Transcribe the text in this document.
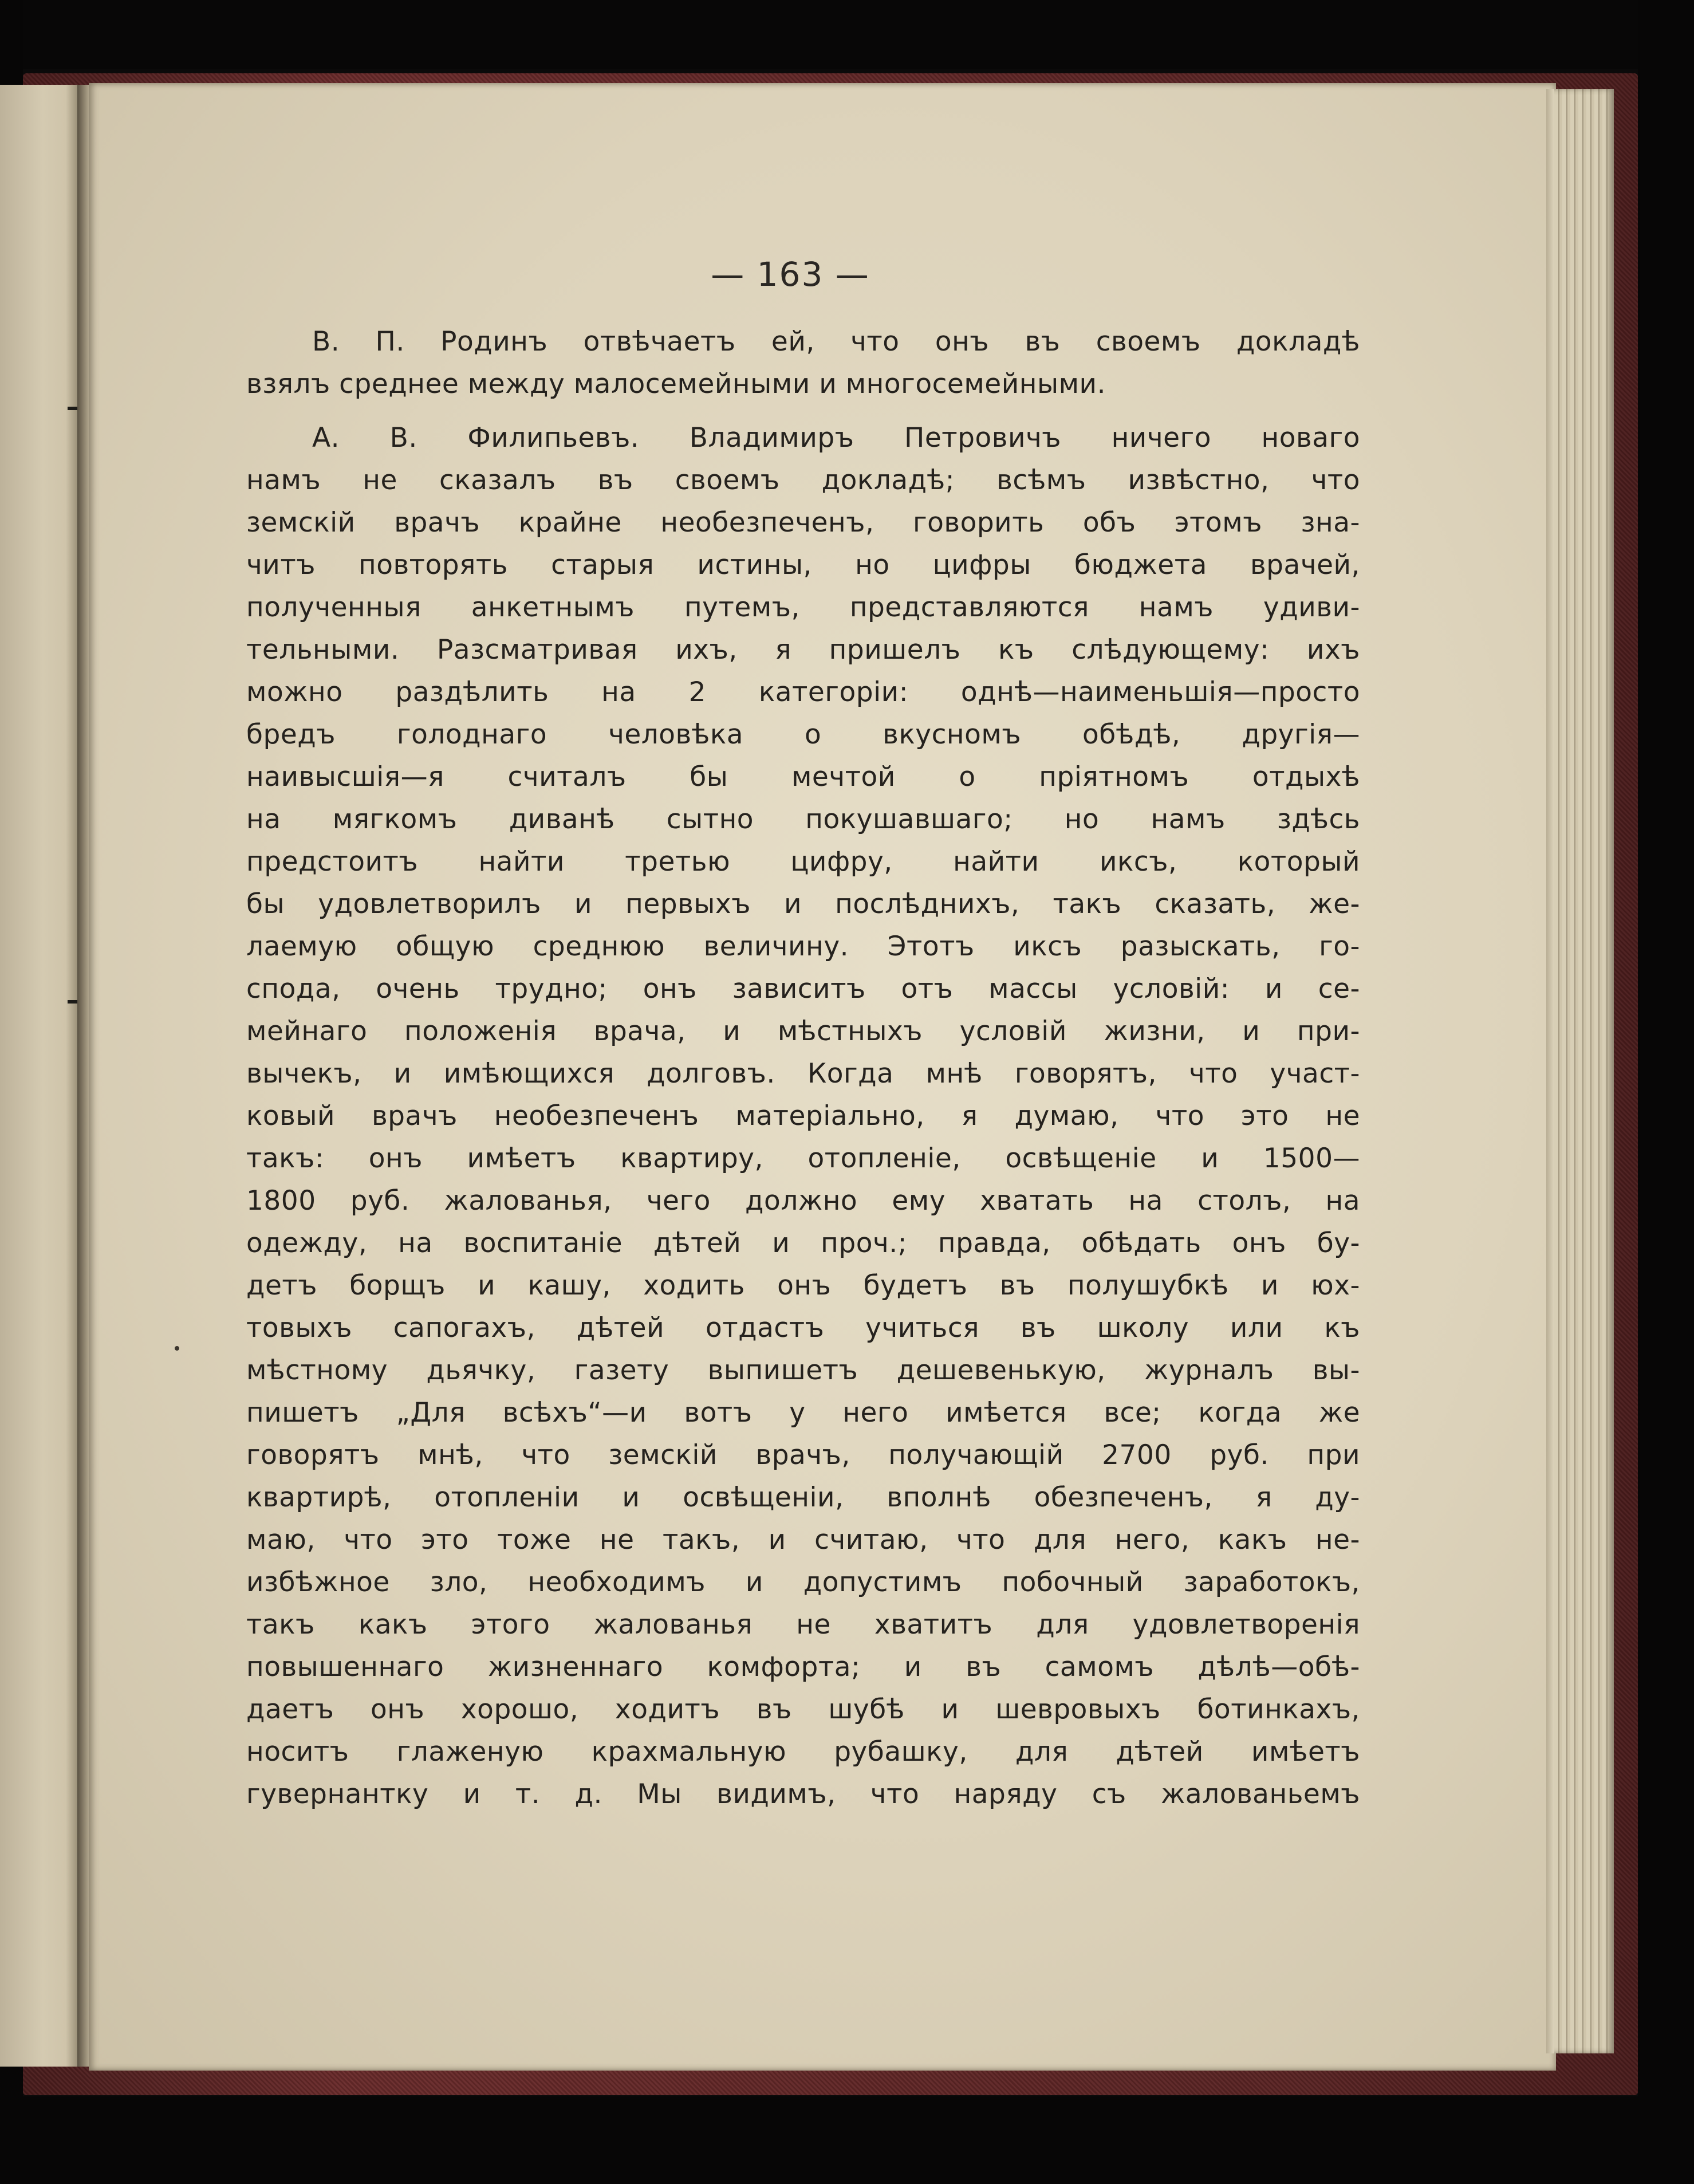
— 163 —
В. П. Родинъ отвѣчаетъ ей, что онъ въ своемъ докладѣ
взялъ среднее между малосемейными и многосемейными.
А. В. Филипьевъ. Владимиръ Петровичъ ничего новаго
намъ не сказалъ въ своемъ докладѣ; всѣмъ извѣстно, что
земскій врачъ крайне необезпеченъ, говорить объ этомъ зна-
читъ повторять старыя истины, но цифры бюджета врачей,
полученныя анкетнымъ путемъ, представляются намъ удиви-
тельными. Разсматривая ихъ, я пришелъ къ слѣдующему: ихъ
можно раздѣлить на 2 категоріи: однѣ—наименьшія—просто
бредъ голоднаго человѣка о вкусномъ обѣдѣ, другія—
наивысшія—я считалъ бы мечтой о пріятномъ отдыхѣ
на мягкомъ диванѣ сытно покушавшаго; но намъ здѣсь
предстоитъ найти третью цифру, найти иксъ, который
бы удовлетворилъ и первыхъ и послѣднихъ, такъ сказать, же-
лаемую общую среднюю величину. Этотъ иксъ разыскать, го-
спода, очень трудно; онъ зависитъ отъ массы условій: и се-
мейнаго положенія врача, и мѣстныхъ условій жизни, и при-
вычекъ, и имѣющихся долговъ. Когда мнѣ говорятъ, что участ-
ковый врачъ необезпеченъ матеріально, я думаю, что это не
такъ: онъ имѣетъ квартиру, отопленіе, освѣщеніе и 1500—
1800 руб. жалованья, чего должно ему хватать на столъ, на
одежду, на воспитаніе дѣтей и проч.; правда, обѣдать онъ бу-
детъ борщъ и кашу, ходить онъ будетъ въ полушубкѣ и юх-
товыхъ сапогахъ, дѣтей отдастъ учиться въ школу или къ
мѣстному дьячку, газету выпишетъ дешевенькую, журналъ вы-
пишетъ „Для всѣхъ“—и вотъ у него имѣется все; когда же
говорятъ мнѣ, что земскій врачъ, получающій 2700 руб. при
квартирѣ, отопленіи и освѣщеніи, вполнѣ обезпеченъ, я ду-
маю, что это тоже не такъ, и считаю, что для него, какъ не-
избѣжное зло, необходимъ и допустимъ побочный заработокъ,
такъ какъ этого жалованья не хватитъ для удовлетворенія
повышеннаго жизненнаго комфорта; и въ самомъ дѣлѣ—обѣ-
даетъ онъ хорошо, ходитъ въ шубѣ и шевровыхъ ботинкахъ,
носитъ глаженую крахмальную рубашку, для дѣтей имѣетъ
гувернантку и т. д. Мы видимъ, что наряду съ жалованьемъ
